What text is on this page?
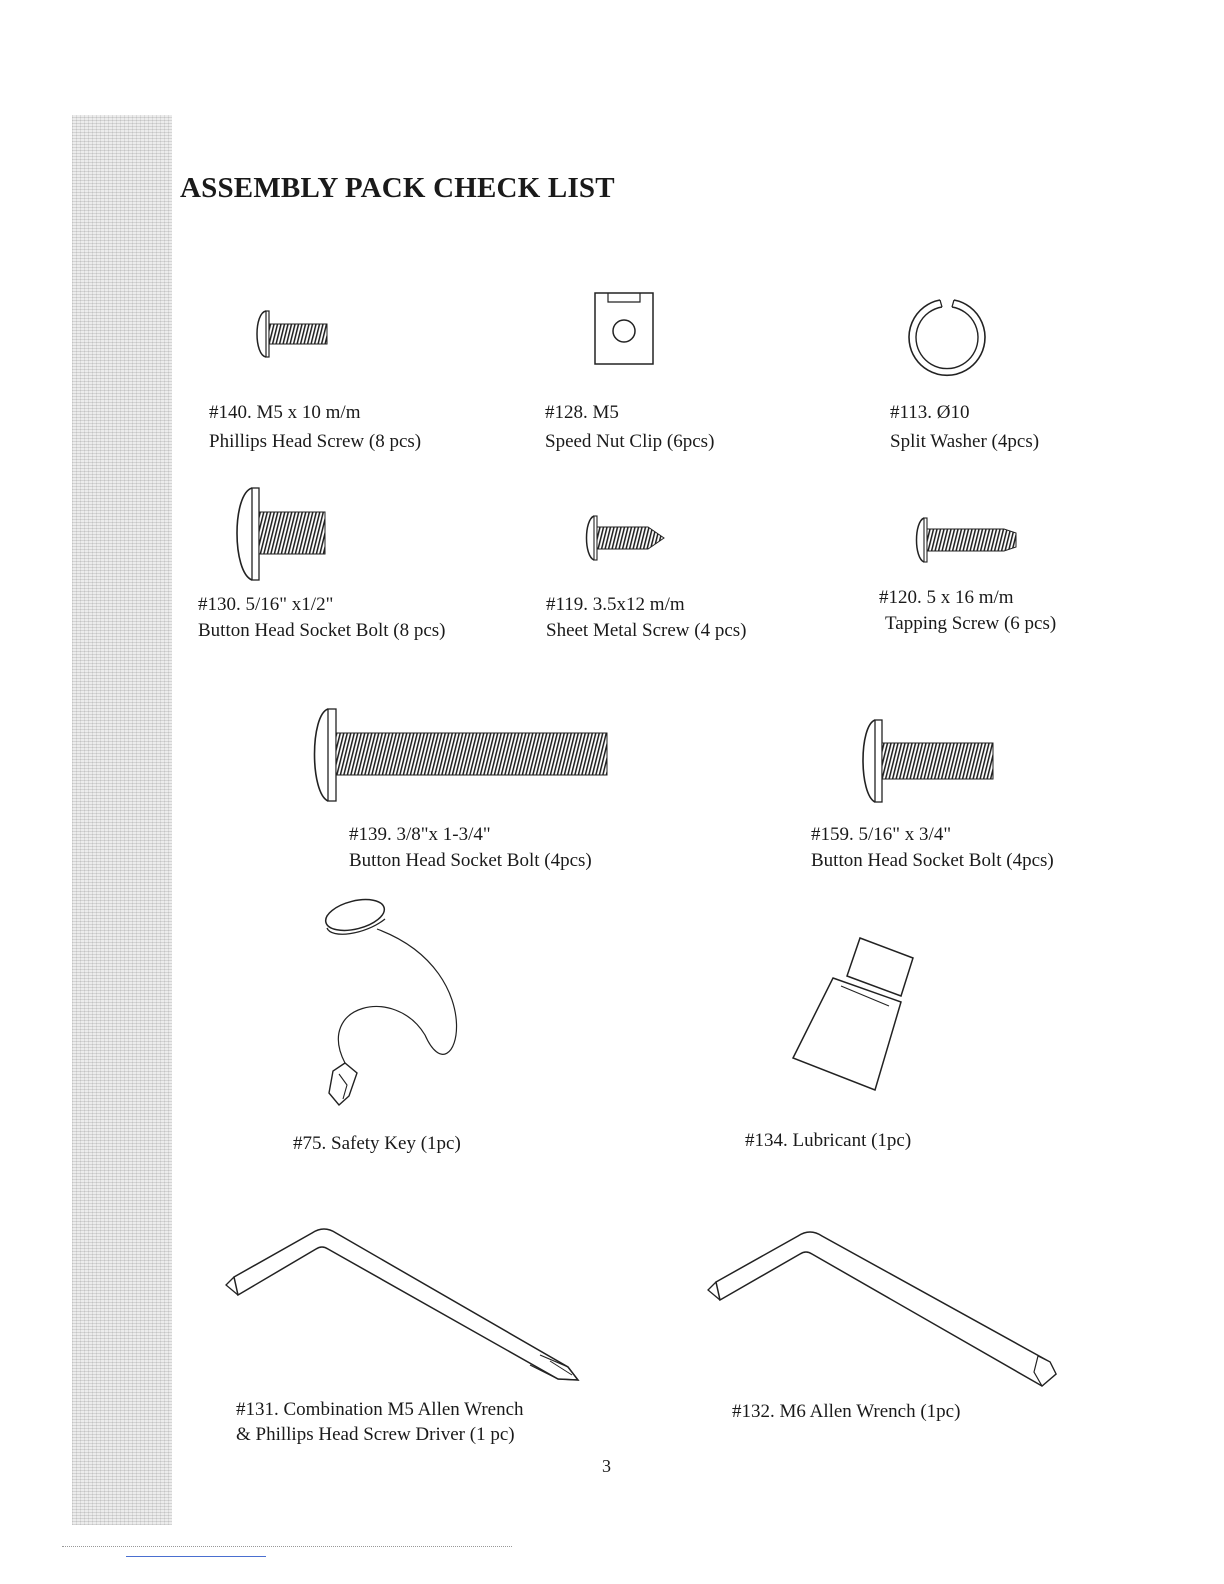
ASSEMBLY PACK CHECK LIST
#140. M5 x 10 m/m
Phillips Head Screw (8 pcs)
#128. M5
Speed Nut Clip (6pcs)
#113. Ø10
Split Washer (4pcs)
#130. 5/16" x1/2"
Button Head Socket Bolt (8 pcs)
#119. 3.5x12 m/m
Sheet Metal Screw (4 pcs)
#120. 5 x 16 m/m
Tapping Screw (6 pcs)
#139. 3/8"x 1-3/4"
Button Head Socket Bolt (4pcs)
#159. 5/16" x 3/4"
Button Head Socket Bolt (4pcs)
#75. Safety Key (1pc)	#134. Lubricant (1pc)
#131. Combination M5 Allen Wrench
& Phillips Head Screw Driver (1 pc)
#132. M6 Allen Wrench (1pc)
3
